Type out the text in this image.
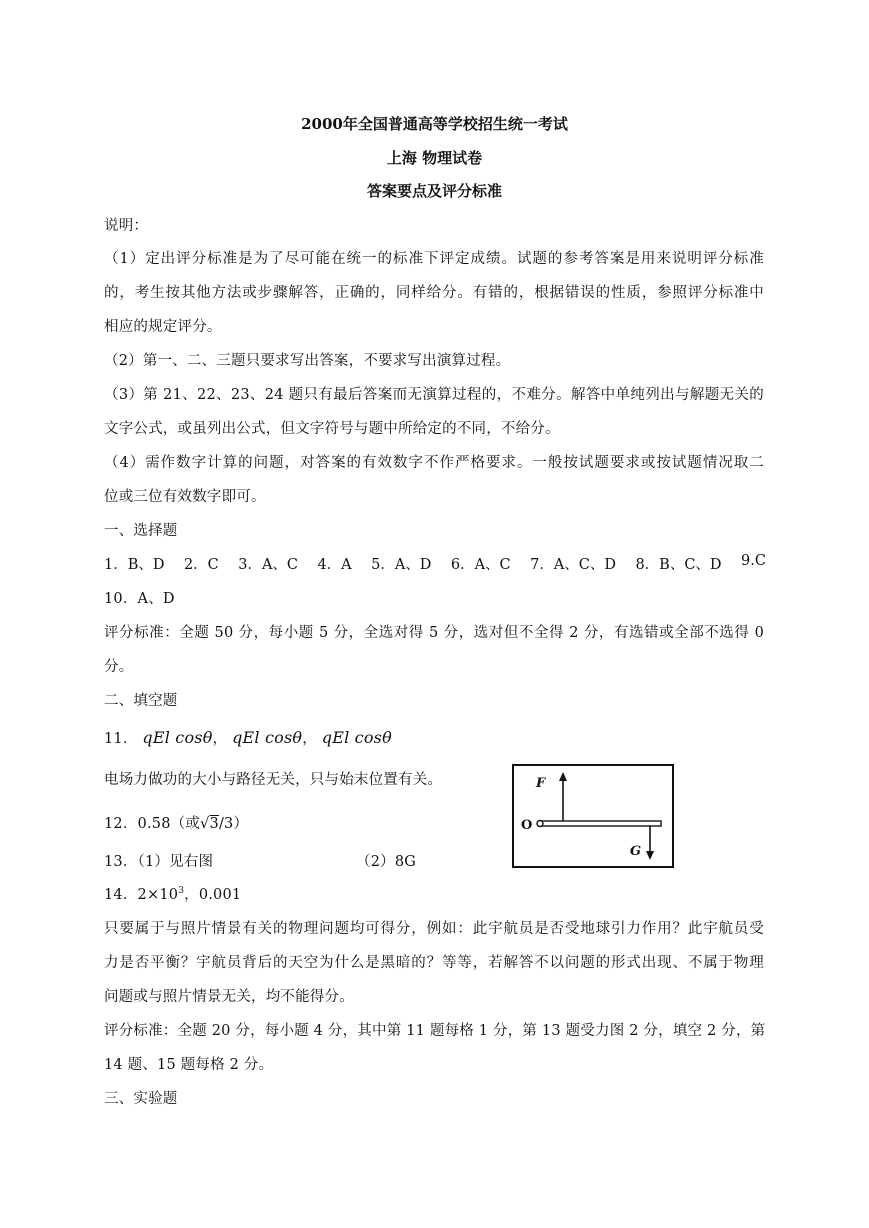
2000年全国普通高等学校招生统一考试
上海 物理试卷
答案要点及评分标准
说明：
（1）定出评分标准是为了尽可能在统一的标准下评定成绩。试题的参考答案是用来说明评分标准
的，考生按其他方法或步骤解答，正确的，同样给分。有错的，根据错误的性质，参照评分标准中
相应的规定评分。
（2）第一、二、三题只要求写出答案，不要求写出演算过程。
（3）第 21、22、23、24 题只有最后答案而无演算过程的，不难分。解答中单纯列出与解题无关的
文字公式，或虽列出公式，但文字符号与题中所给定的不同，不给分。
（4）需作数字计算的问题，对答案的有效数字不作严格要求。一般按试题要求或按试题情况取二
位或三位有效数字即可。
一、选择题
1．B、D 2．C 3．A、C 4．A 5．A、D 6．A、C 7．A、C、D 8．B、C、D 9.C
10．A、D
评分标准：全题 50 分，每小题 5 分，全选对得 5 分，选对但不全得 2 分，有选错或全部不选得 0
分。
二、填空题
11． qEl cosθ， qEl cosθ， qEl cosθ
电场力做功的大小与路径无关，只与始末位置有关。
12．0.58（或√3/3）
13．（1）见右图	（2）8G
14．$2\times 10^3$，0.001
只要属于与照片情景有关的物理问题均可得分，例如：此宇航员是否受地球引力作用？此宇航员受
力是否平衡？宇航员背后的天空为什么是黑暗的？等等，若解答不以问题的形式出现、不属于物理
问题或与照片情景无关，均不能得分。
评分标准：全题 20 分，每小题 4 分，其中第 11 题每格 1 分，第 13 题受力图 2 分，填空 2 分，第
14 题、15 题每格 2 分。
三、实验题
F
O
G
